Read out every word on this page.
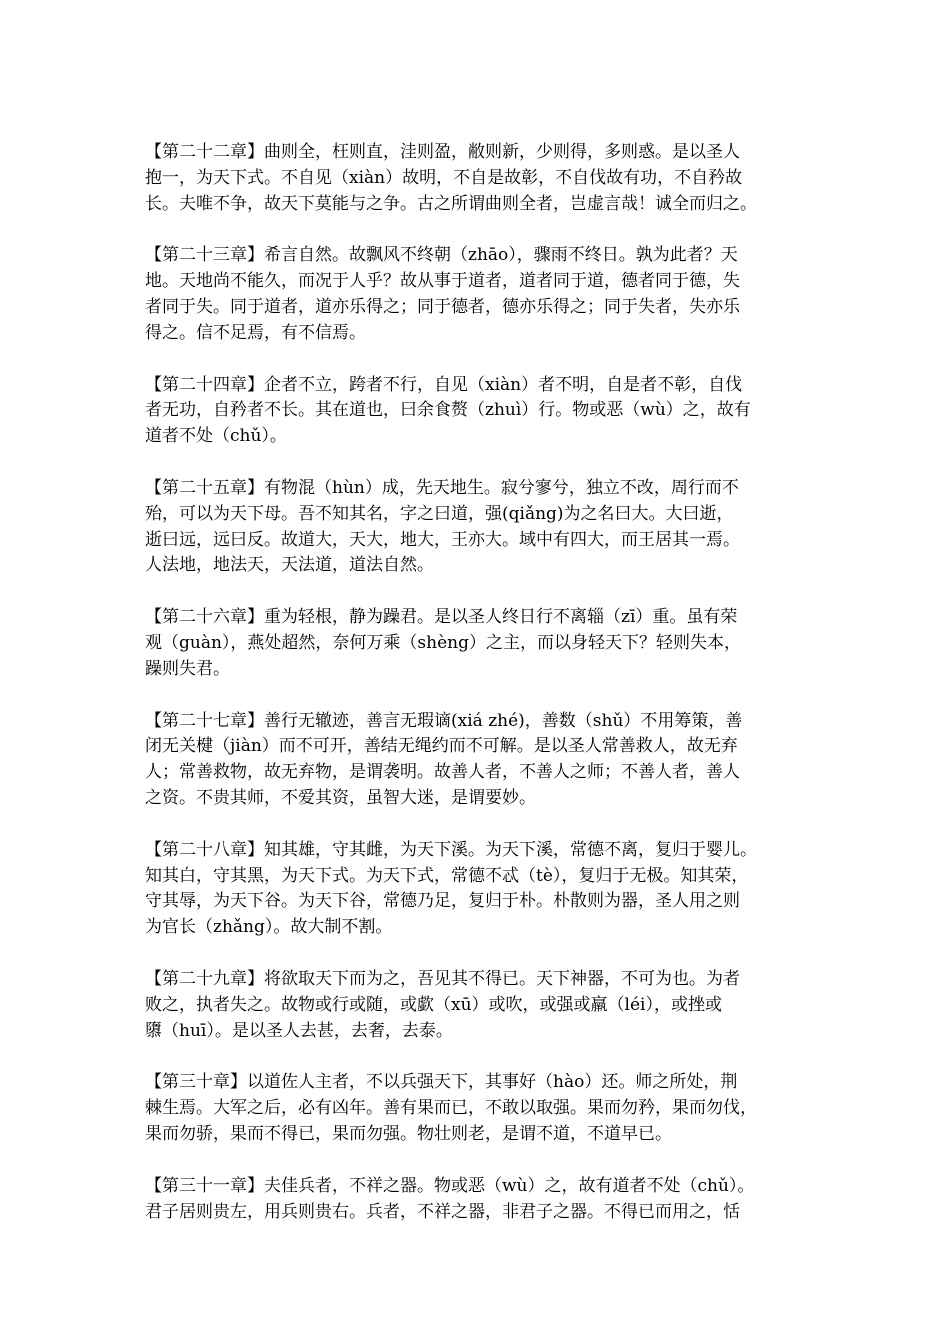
【第二十二章】曲则全，枉则直，洼则盈，敝则新，少则得，多则惑。是以圣人
抱一，为天下式。不自见（xiàn）故明，不自是故彰，不自伐故有功，不自矜故
长。夫唯不争，故天下莫能与之争。古之所谓曲则全者，岂虚言哉！诚全而归之。
【第二十三章】希言自然。故飘风不终朝（zhāo），骤雨不终日。孰为此者？天
地。天地尚不能久，而况于人乎？故从事于道者，道者同于道，德者同于德，失
者同于失。同于道者，道亦乐得之；同于德者，德亦乐得之；同于失者，失亦乐
得之。信不足焉，有不信焉。
【第二十四章】企者不立，跨者不行，自见（xiàn）者不明，自是者不彰，自伐
者无功，自矜者不长。其在道也，曰余食赘（zhuì）行。物或恶（wù）之，故有
道者不处（chǔ）。
【第二十五章】有物混（hùn）成，先天地生。寂兮寥兮，独立不改，周行而不
殆，可以为天下母。吾不知其名，字之曰道，强(qiǎng)为之名曰大。大曰逝，
逝曰远，远曰反。故道大，天大，地大，王亦大。域中有四大，而王居其一焉。
人法地，地法天，天法道，道法自然。
【第二十六章】重为轻根，静为躁君。是以圣人终日行不离辎（zī）重。虽有荣
观（guàn），燕处超然，奈何万乘（shèng）之主，而以身轻天下？轻则失本，
躁则失君。
【第二十七章】善行无辙迹，善言无瑕谪(xiá zhé)，善数（shǔ）不用筹策，善
闭无关楗（jiàn）而不可开，善结无绳约而不可解。是以圣人常善救人，故无弃
人；常善救物，故无弃物，是谓袭明。故善人者，不善人之师；不善人者，善人
之资。不贵其师，不爱其资，虽智大迷，是谓要妙。
【第二十八章】知其雄，守其雌，为天下溪。为天下溪，常德不离，复归于婴儿。
知其白，守其黑，为天下式。为天下式，常德不忒（tè），复归于无极。知其荣，
守其辱，为天下谷。为天下谷，常德乃足，复归于朴。朴散则为器，圣人用之则
为官长（zhǎng）。故大制不割。
【第二十九章】将欲取天下而为之，吾见其不得已。天下神器，不可为也。为者
败之，执者失之。故物或行或随，或歔（xū）或吹，或强或羸（léi），或挫或
隳（huī）。是以圣人去甚，去奢，去泰。
【第三十章】以道佐人主者，不以兵强天下，其事好（hào）还。师之所处，荆
棘生焉。大军之后，必有凶年。善有果而已，不敢以取强。果而勿矜，果而勿伐，
果而勿骄，果而不得已，果而勿强。物壮则老，是谓不道，不道早已。
【第三十一章】夫佳兵者，不祥之器。物或恶（wù）之，故有道者不处（chǔ）。
君子居则贵左，用兵则贵右。兵者，不祥之器，非君子之器。不得已而用之，恬
